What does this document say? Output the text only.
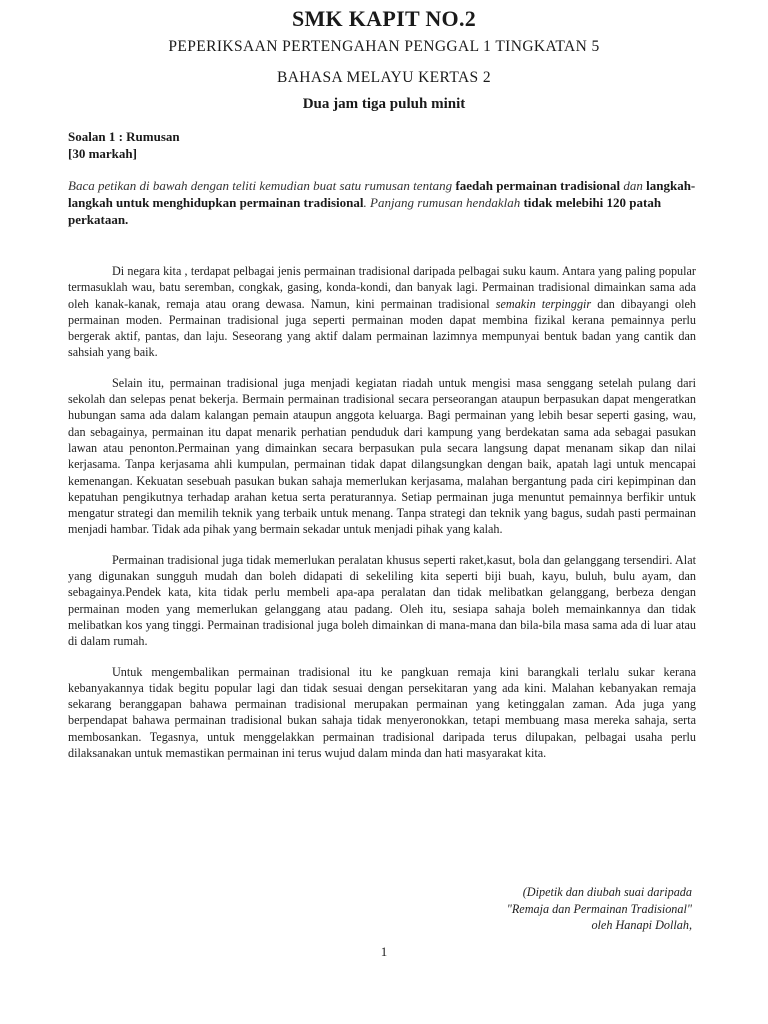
SMK KAPIT NO.2
PEPERIKSAAN PERTENGAHAN PENGGAL 1 TINGKATAN 5
BAHASA MELAYU KERTAS 2
Dua jam tiga puluh minit
Soalan 1 : Rumusan
[30 markah]
Baca petikan di bawah dengan teliti kemudian buat satu rumusan tentang faedah permainan tradisional dan langkah-langkah untuk menghidupkan permainan tradisional. Panjang rumusan hendaklah tidak melebihi 120 patah perkataan.

Di negara kita , terdapat pelbagai jenis permainan tradisional daripada pelbagai suku kaum. Antara yang paling popular termasuklah wau, batu seremban, congkak, gasing, konda-kondi, dan banyak lagi. Permainan tradisional dimainkan sama ada oleh kanak-kanak, remaja atau orang dewasa. Namun, kini permainan tradisional semakin terpinggir dan dibayangi oleh permainan moden. Permainan tradisional juga seperti permainan moden dapat membina fizikal kerana pemainnya perlu bergerak aktif, pantas, dan laju. Seseorang yang aktif dalam permainan lazimnya mempunyai bentuk badan yang cantik dan sahsiah yang baik.

Selain itu, permainan tradisional juga menjadi kegiatan riadah untuk mengisi masa senggang setelah pulang dari sekolah dan selepas penat bekerja. Bermain permainan tradisional secara perseorangan ataupun berpasukan dapat mengeratkan hubungan sama ada dalam kalangan pemain ataupun anggota keluarga. Bagi permainan yang lebih besar seperti gasing, wau, dan sebagainya, permainan itu dapat menarik perhatian penduduk dari kampung yang berdekatan sama ada sebagai pasukan lawan atau penonton.Permainan yang dimainkan secara berpasukan pula secara langsung dapat menanam sikap dan nilai kerjasama. Tanpa kerjasama ahli kumpulan, permainan tidak dapat dilangsungkan dengan baik, apatah lagi untuk mencapai kemenangan. Kekuatan sesebuah pasukan bukan sahaja memerlukan kerjasama, malahan bergantung pada ciri kepimpinan dan kepatuhan pengikutnya terhadap arahan ketua serta peraturannya. Setiap permainan juga menuntut pemainnya berfikir untuk mengatur strategi dan memilih teknik yang terbaik untuk menang. Tanpa strategi dan teknik yang bagus, sudah pasti permainan menjadi hambar. Tidak ada pihak yang bermain sekadar untuk menjadi pihak yang kalah.

Permainan tradisional juga tidak memerlukan peralatan khusus seperti raket,kasut, bola dan gelanggang tersendiri. Alat yang digunakan sungguh mudah dan boleh didapati di sekeliling kita seperti biji buah, kayu, buluh, bulu ayam, dan sebagainya.Pendek kata, kita tidak perlu membeli apa-apa peralatan dan tidak melibatkan gelanggang, berbeza dengan permainan moden yang memerlukan gelanggang atau padang. Oleh itu, sesiapa sahaja boleh memainkannya dan tidak melibatkan kos yang tinggi. Permainan tradisional juga boleh dimainkan di mana-mana dan bila-bila masa sama ada di luar atau di dalam rumah.

Untuk mengembalikan permainan tradisional itu ke pangkuan remaja kini barangkali terlalu sukar kerana kebanyakannya tidak begitu popular lagi dan tidak sesuai dengan persekitaran yang ada kini. Malahan kebanyakan remaja sekarang beranggapan bahawa permainan tradisional merupakan permainan yang ketinggalan zaman. Ada juga yang berpendapat bahawa permainan tradisional bukan sahaja tidak menyeronokkan, tetapi membuang masa mereka sahaja, serta membosankan. Tegasnya, untuk menggelakkan permainan tradisional daripada terus dilupakan, pelbagai usaha perlu dilaksanakan untuk memastikan permainan ini terus wujud dalam minda dan hati masyarakat kita.

(Dipetik dan diubah suai daripada
"Remaja dan Permainan Tradisional"
oleh Hanapi Dollah,
1
